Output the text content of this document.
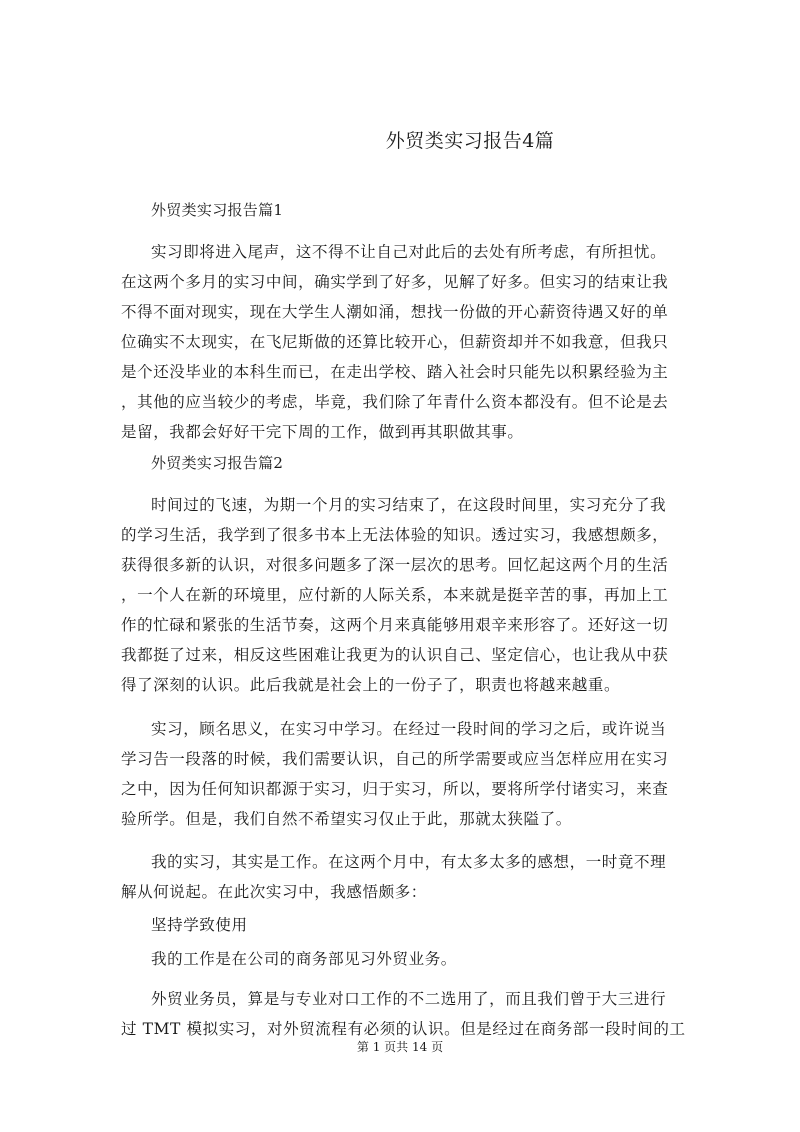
外贸类实习报告4篇
外贸类实习报告篇1
实习即将进入尾声，这不得不让自己对此后的去处有所考虑，有所担忧。
在这两个多月的实习中间，确实学到了好多，见解了好多。但实习的结束让我
不得不面对现实，现在大学生人潮如涌，想找一份做的开心薪资待遇又好的单
位确实不太现实，在飞尼斯做的还算比较开心，但薪资却并不如我意，但我只
是个还没毕业的本科生而已，在走出学校、踏入社会时只能先以积累经验为主
，其他的应当较少的考虑，毕竟，我们除了年青什么资本都没有。但不论是去
是留，我都会好好干完下周的工作，做到再其职做其事。
外贸类实习报告篇2
时间过的飞速，为期一个月的实习结束了，在这段时间里，实习充分了我
的学习生活，我学到了很多书本上无法体验的知识。透过实习，我感想颇多，
获得很多新的认识，对很多问题多了深一层次的思考。回忆起这两个月的生活
，一个人在新的环境里，应付新的人际关系，本来就是挺辛苦的事，再加上工
作的忙碌和紧张的生活节奏，这两个月来真能够用艰辛来形容了。还好这一切
我都挺了过来，相反这些困难让我更为的认识自己、坚定信心，也让我从中获
得了深刻的认识。此后我就是社会上的一份子了，职责也将越来越重。
实习，顾名思义，在实习中学习。在经过一段时间的学习之后，或许说当
学习告一段落的时候，我们需要认识，自己的所学需要或应当怎样应用在实习
之中，因为任何知识都源于实习，归于实习，所以，要将所学付诸实习，来查
验所学。但是，我们自然不希望实习仅止于此，那就太狭隘了。
我的实习，其实是工作。在这两个月中，有太多太多的感想，一时竟不理
解从何说起。在此次实习中，我感悟颇多：
坚持学致使用
我的工作是在公司的商务部见习外贸业务。
外贸业务员，算是与专业对口工作的不二选用了，而且我们曾于大三进行
过 TMT 模拟实习，对外贸流程有必须的认识。但是经过在商务部一段时间的工
第 1 页共 14 页
